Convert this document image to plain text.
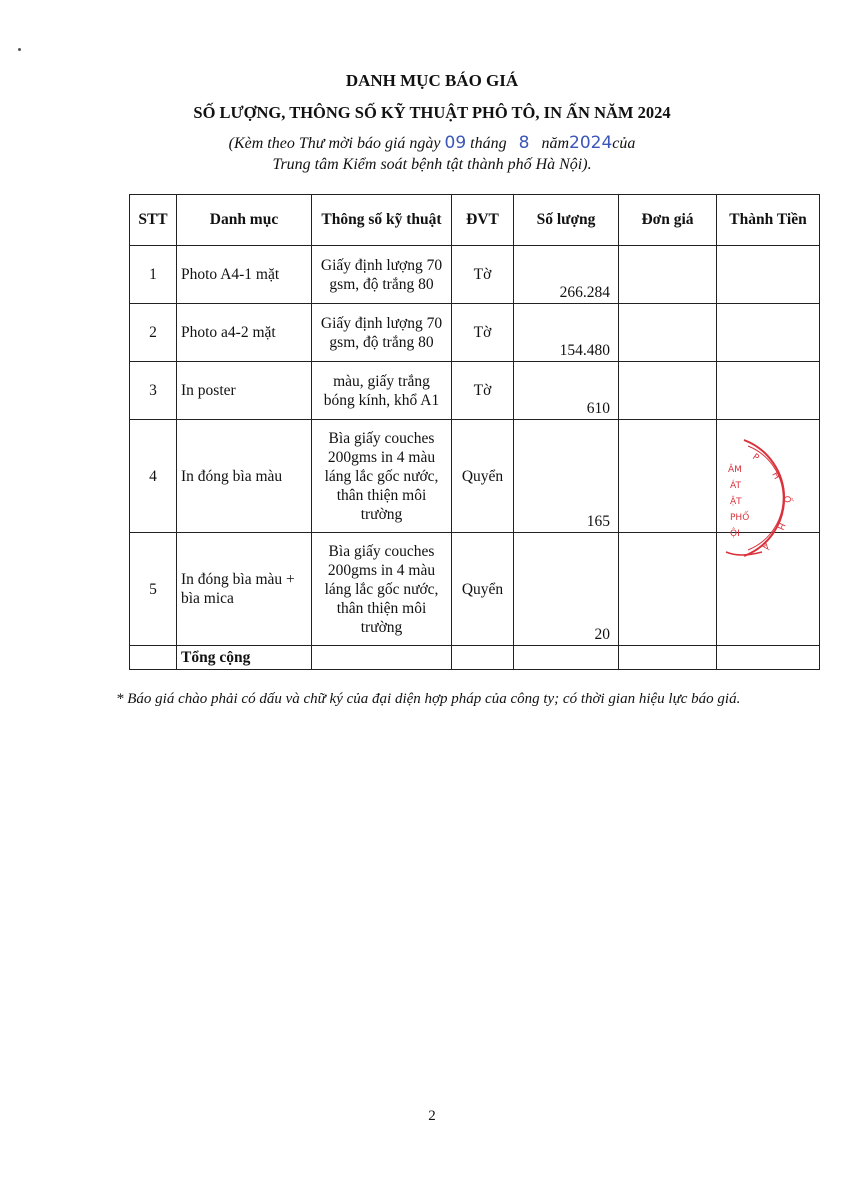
DANH MỤC BÁO GIÁ
SỐ LƯỢNG, THÔNG SỐ KỸ THUẬT PHÔ TÔ, IN ẤN NĂM 2024
(Kèm theo Thư mời báo giá ngày 09 tháng 8 năm2024của
Trung tâm Kiểm soát bệnh tật thành phố Hà Nội).
STT	Danh mục	Thông số kỹ thuật	ĐVT	Số lượng	Đơn giá	Thành Tiền
1	Photo A4-1 mặt	Giấy định lượng 70 gsm, độ trắng 80	Tờ	266.284		
2	Photo a4-2 mặt	Giấy định lượng 70 gsm, độ trắng 80	Tờ	154.480		
3	In poster	màu, giấy trắng bóng kính, khổ A1	Tờ	610		
4	In đóng bìa màu	Bìa giấy couches 200gms in 4 màu láng lắc gốc nước, thân thiện môi trường	Quyển	165		
5	In đóng bìa màu + bìa mica	Bìa giấy couches 200gms in 4 màu láng lắc gốc nước, thân thiện môi trường	Quyển	20		
	Tổng cộng					
P
H
Ố
H
À
ÂM
ÁT
ẬT
PHỐ
ỘI
* Báo giá chào phải có dấu và chữ ký của đại diện hợp pháp của công ty; có thời gian hiệu lực báo giá.
2
